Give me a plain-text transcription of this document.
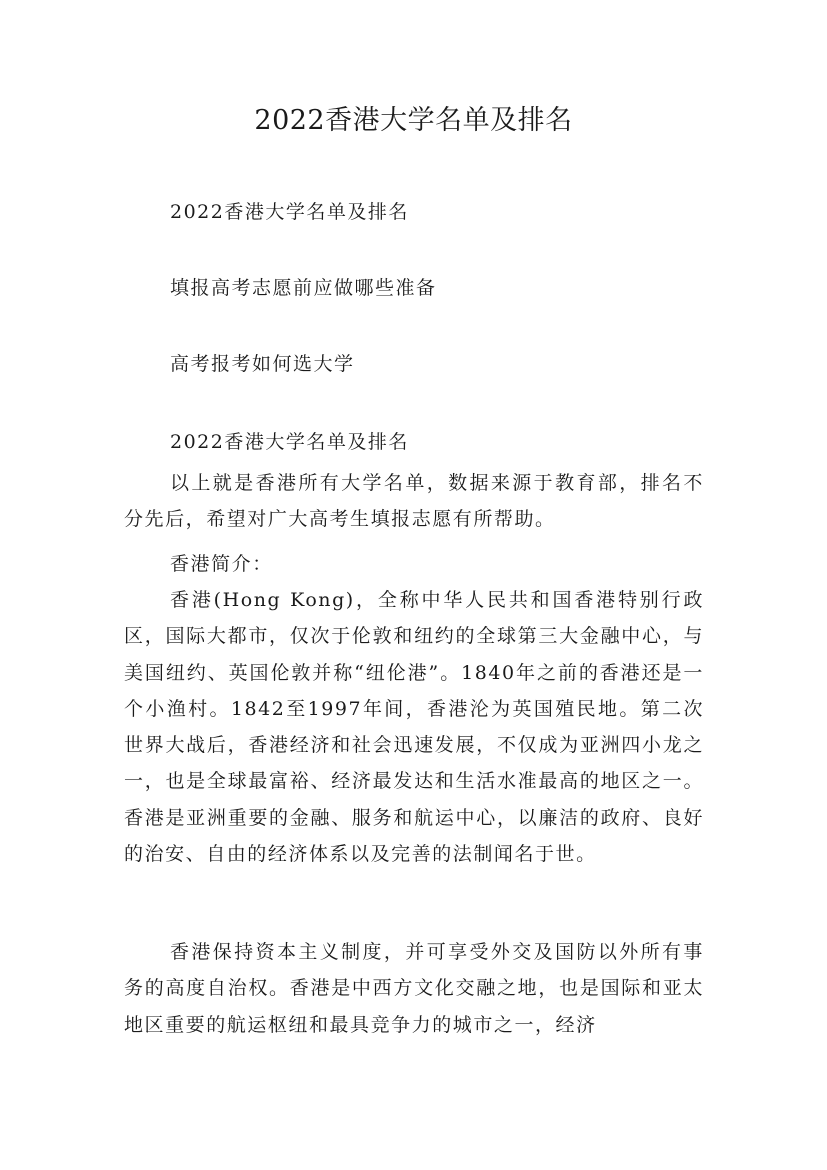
2022香港大学名单及排名
2022香港大学名单及排名
填报高考志愿前应做哪些准备
高考报考如何选大学
2022香港大学名单及排名
以上就是香港所有大学名单，数据来源于教育部，排名不分先后，希望对广大高考生填报志愿有所帮助。
香港简介：
香港(Hong Kong)，全称中华人民共和国香港特别行政区，国际大都市，仅次于伦敦和纽约的全球第三大金融中心，与美国纽约、英国伦敦并称“纽伦港”。1840年之前的香港还是一个小渔村。1842至1997年间，香港沦为英国殖民地。第二次世界大战后，香港经济和社会迅速发展，不仅成为亚洲四小龙之一，也是全球最富裕、经济最发达和生活水准最高的地区之一。香港是亚洲重要的金融、服务和航运中心，以廉洁的政府、良好的治安、自由的经济体系以及完善的法制闻名于世。
香港保持资本主义制度，并可享受外交及国防以外所有事务的高度自治权。香港是中西方文化交融之地，也是国际和亚太地区重要的航运枢纽和最具竞争力的城市之一，经济
